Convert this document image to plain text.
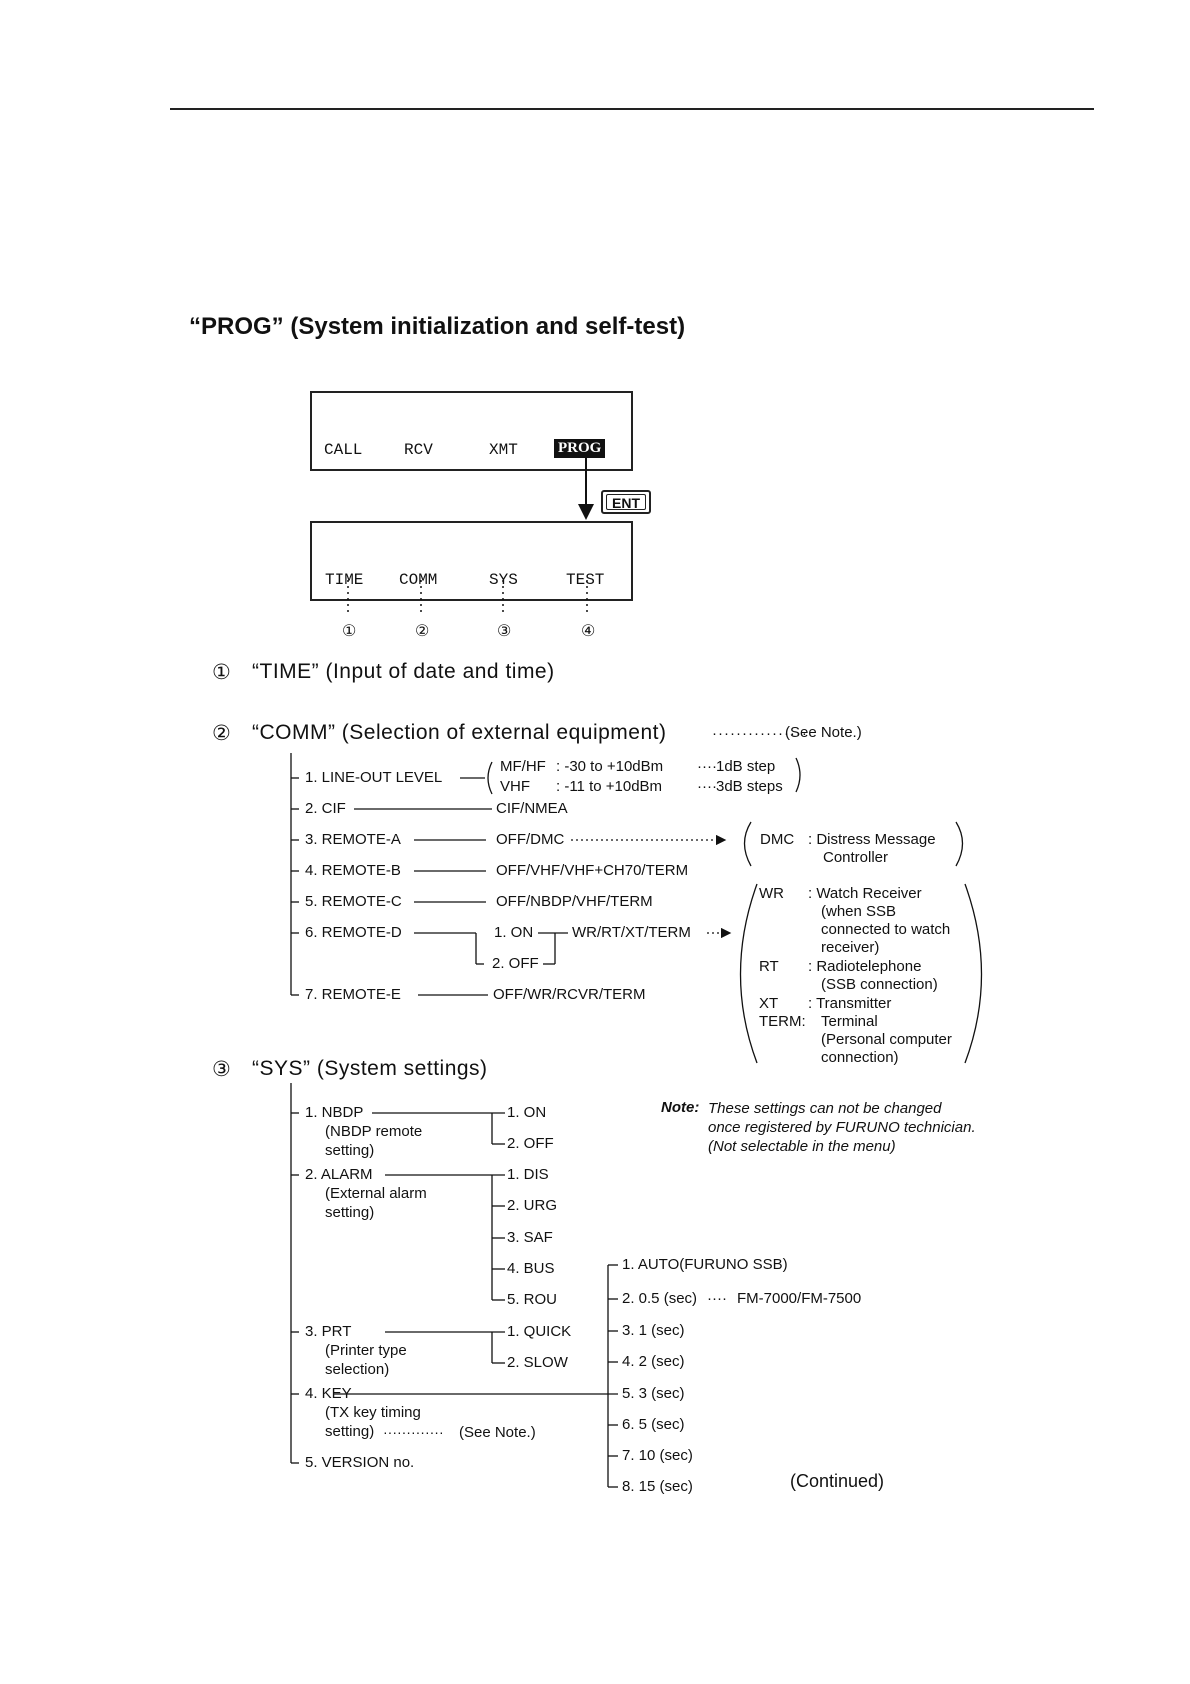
“PROG” (System initialization and self-test)
CALL	RCV	XMT	PROG
ENT
TIME COMM	SYS	TEST
①	②	③	④
① “TIME” (Input of date and time)
② “COMM” (Selection of external equipment)	················
(See Note.)
1. LINE-OUT LEVEL
MF/HF : -30 to +10dBm ···· 1dB step
VHF : -11 to +10dBm ···· 3dB steps
2. CIF	CIF/NMEA
3. REMOTE-A	OFF/DMC
4. REMOTE-B	OFF/VHF/VHF+CH70/TERM
5. REMOTE-C	OFF/NBDP/VHF/TERM
6. REMOTE-D	1. ON
2. OFF
WR/RT/XT/TERM
7. REMOTE-E	OFF/WR/RCVR/TERM
DMC : Distress Message
Controller
WR : Watch Receiver
(when SSB
connected to watch
receiver)
RT : Radiotelephone
(SSB connection)
XT : Transmitter
TERM: Terminal
(Personal computer
connection)
③ “SYS” (System settings)
1. NBDP
(NBDP remote
setting)
1. ON
2. OFF
2. ALARM
(External alarm
setting)
1. DIS
2. URG
3. SAF
4. BUS
5. ROU
3. PRT
(Printer type
selection)
1. QUICK
2. SLOW
4. KEY
(TX key timing
setting) ············· (See Note.)
1. AUTO(FURUNO SSB)
2. 0.5 (sec) ···· FM-7000/FM-7500
3. 1 (sec)
4. 2 (sec)
5. 3 (sec)
6. 5 (sec)
7. 10 (sec)
8. 15 (sec)
5. VERSION no.
Note: These settings can not be changed once registered by FURUNO technician. (Not selectable in the menu)
(Continued)
